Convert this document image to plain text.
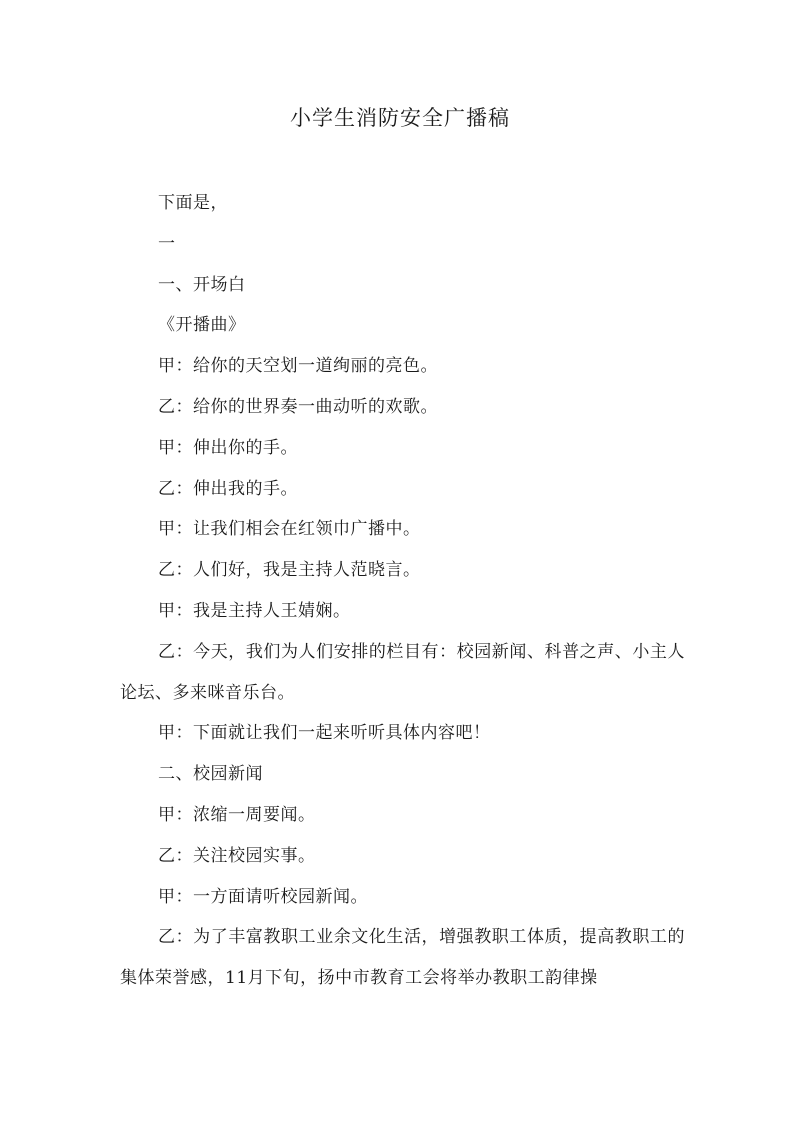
小学生消防安全广播稿

下面是，

一

一、开场白

《开播曲》

甲：给你的天空划一道绚丽的亮色。

乙：给你的世界奏一曲动听的欢歌。

甲：伸出你的手。

乙：伸出我的手。

甲：让我们相会在红领巾广播中。

乙：人们好，我是主持人范晓言。

甲：我是主持人王婧娴。

乙：今天，我们为人们安排的栏目有：校园新闻、科普之声、小主人论坛、多来咪音乐台。

甲：下面就让我们一起来听听具体内容吧！

二、校园新闻

甲：浓缩一周要闻。

乙：关注校园实事。

甲：一方面请听校园新闻。

乙：为了丰富教职工业余文化生活，增强教职工体质，提高教职工的集体荣誉感，11月下旬，扬中市教育工会将举办教职工韵律操
